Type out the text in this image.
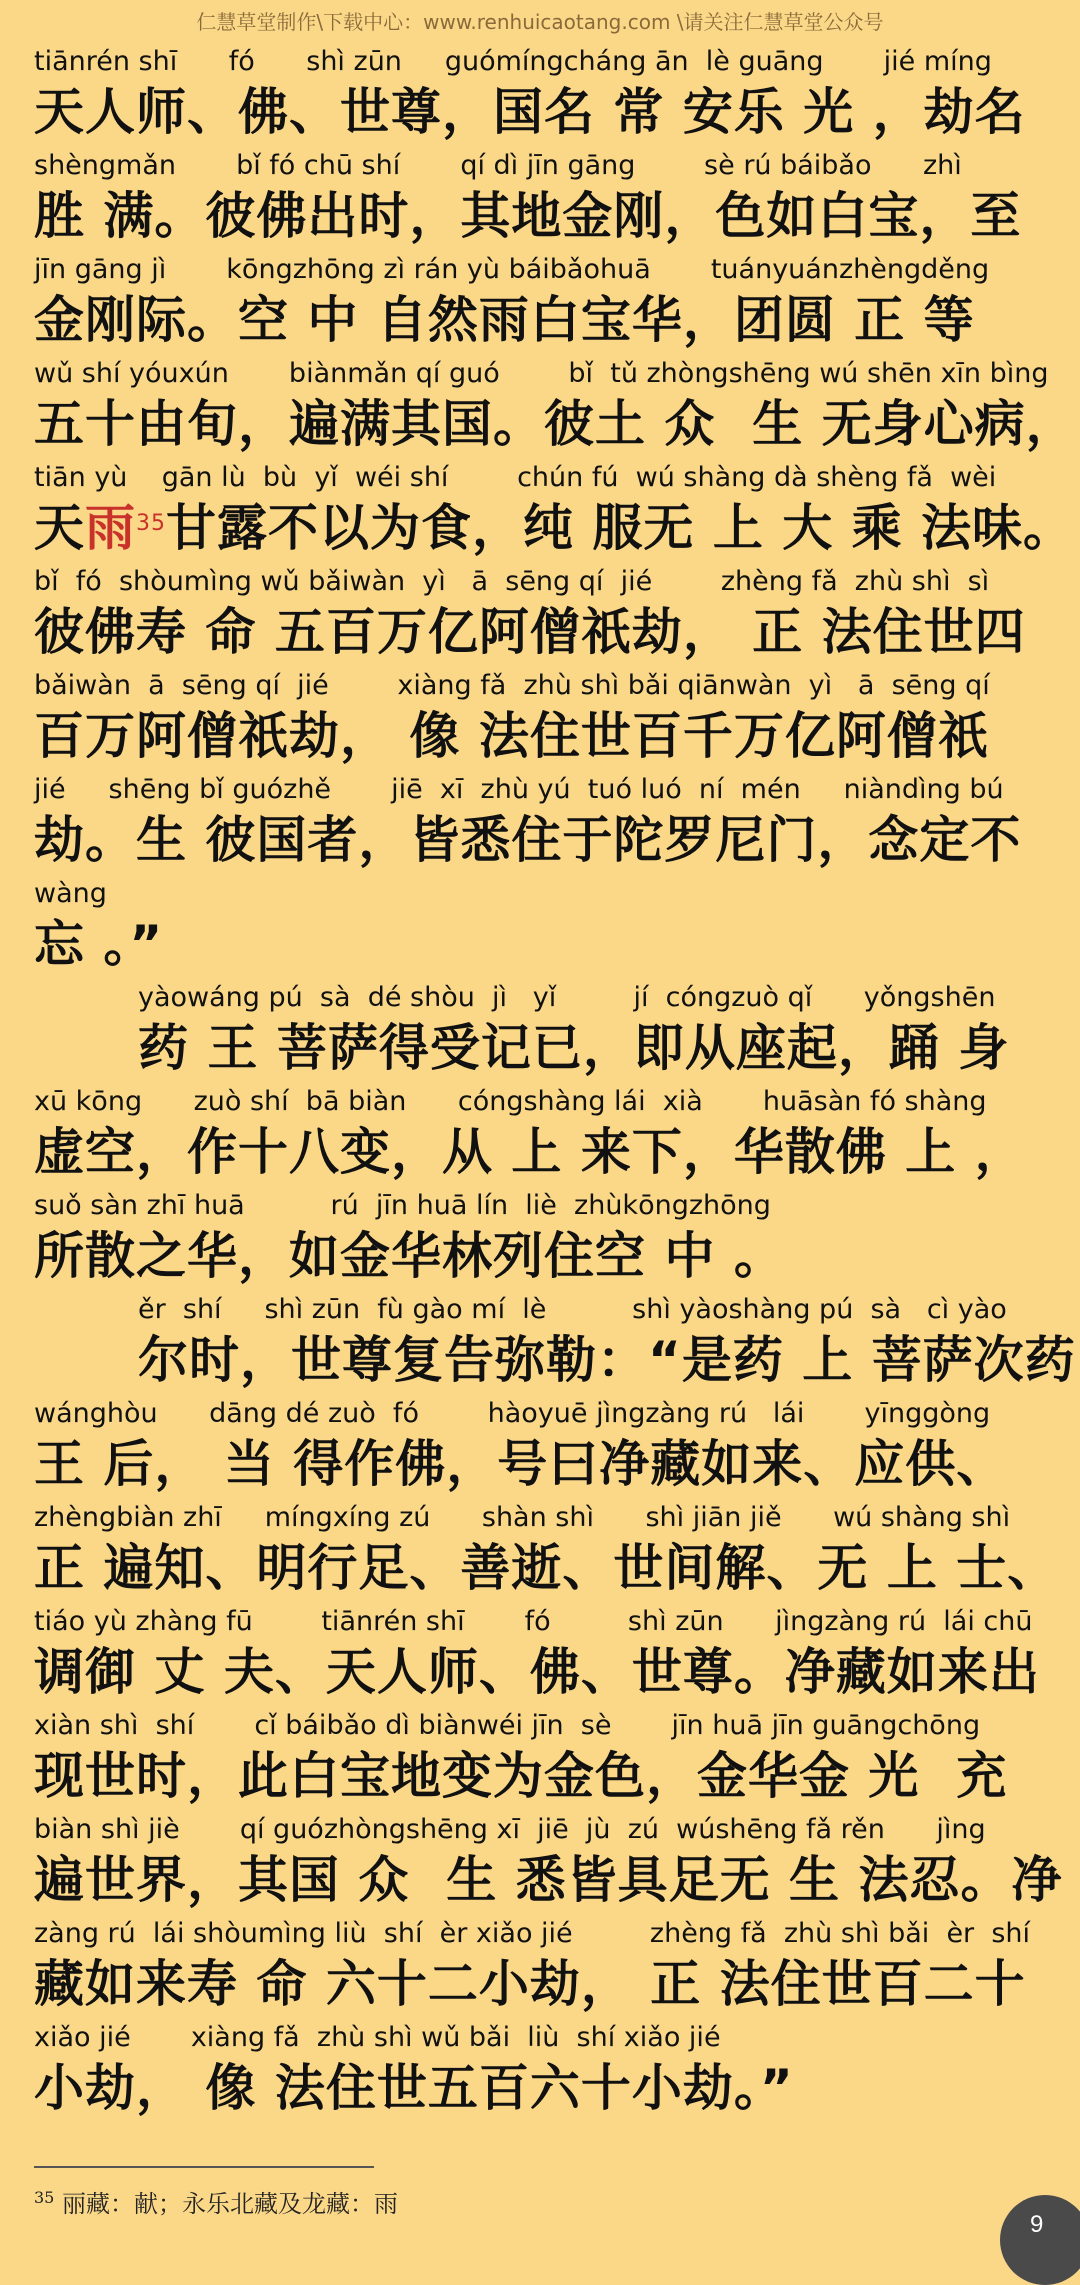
仁慧草堂制作\下载中心：www.renhuicaotang.com \请关注仁慧草堂公众号
tiānrén shī      fó      shì zūn     guómíngcháng ān  lè guāng       jié míng
天人师、佛、世尊，国名 常 安乐 光 ，劫名
shèngmǎn       bǐ fó chū shí       qí dì jīn gāng        sè rú báibǎo      zhì
胜 满。彼佛出时，其地金刚，色如白宝，至
jīn gāng jì       kōngzhōng zì rán yù báibǎohuā       tuányuánzhèngděng
金刚际。空 中 自然雨白宝华，团圆 正 等
wǔ shí yóuxún       biànmǎn qí guó        bǐ  tǔ zhòngshēng wú shēn xīn bìng
五十由旬，遍满其国。彼土 众  生 无身心病，
tiān yù    gān lù  bù  yǐ  wéi shí        chún fú  wú shàng dà shèng fǎ  wèi
天雨$^{35}$甘露不以为食，纯 服无 上 大 乘 法味。
bǐ  fó  shòumìng wǔ bǎiwàn  yì   ā  sēng qí  jié        zhèng fǎ  zhù shì  sì
彼佛寿 命 五百万亿阿僧祇劫， 正 法住世四
bǎiwàn  ā  sēng qí  jié        xiàng fǎ  zhù shì bǎi qiānwàn  yì   ā  sēng qí
百万阿僧祇劫， 像 法住世百千万亿阿僧祇
jié     shēng bǐ guózhě       jiē  xī  zhù yú  tuó luó  ní  mén     niàndìng bú
劫。生 彼国者，皆悉住于陀罗尼门，念定不
wàng
忘 。”
yàowáng pú  sà  dé shòu  jì   yǐ         jí  cóngzuò qǐ      yǒngshēn
药 王 菩萨得受记已，即从座起，踊 身
xū kōng      zuò shí  bā biàn      cóngshàng lái  xià       huāsàn fó shàng
虚空，作十八变，从 上 来下，华散佛 上 ，
suǒ sàn zhī huā          rú  jīn huā lín  liè  zhùkōngzhōng
所散之华，如金华林列住空 中 。
ěr  shí     shì zūn  fù gào mí  lè          shì yàoshàng pú  sà   cì yào
尔时，世尊复告弥勒：“是药 上 菩萨次药
wánghòu      dāng dé zuò  fó        hàoyuē jìngzàng rú   lái       yīnggòng
王 后， 当 得作佛，号曰净藏如来、应供、
zhèngbiàn zhī     míngxíng zú      shàn shì      shì jiān jiě      wú shàng shì
正 遍知、明行足、善逝、世间解、无 上 士、
tiáo yù zhàng fū        tiānrén shī       fó         shì zūn      jìngzàng rú  lái chū
调御 丈 夫、天人师、佛、世尊。净藏如来出
xiàn shì  shí       cǐ báibǎo dì biànwéi jīn  sè       jīn huā jīn guāngchōng
现世时，此白宝地变为金色，金华金 光  充
biàn shì jiè       qí guózhòngshēng xī  jiē  jù  zú  wúshēng fǎ rěn      jìng
遍世界，其国 众  生 悉皆具足无 生 法忍。净
zàng rú  lái shòumìng liù  shí  èr xiǎo jié         zhèng fǎ  zhù shì bǎi  èr  shí
藏如来寿 命 六十二小劫， 正 法住世百二十
xiǎo jié       xiàng fǎ  zhù shì wǔ bǎi  liù  shí xiǎo jié
小劫， 像 法住世五百六十小劫。”
$^{35}$ 丽藏：献；永乐北藏及龙藏：雨
9
